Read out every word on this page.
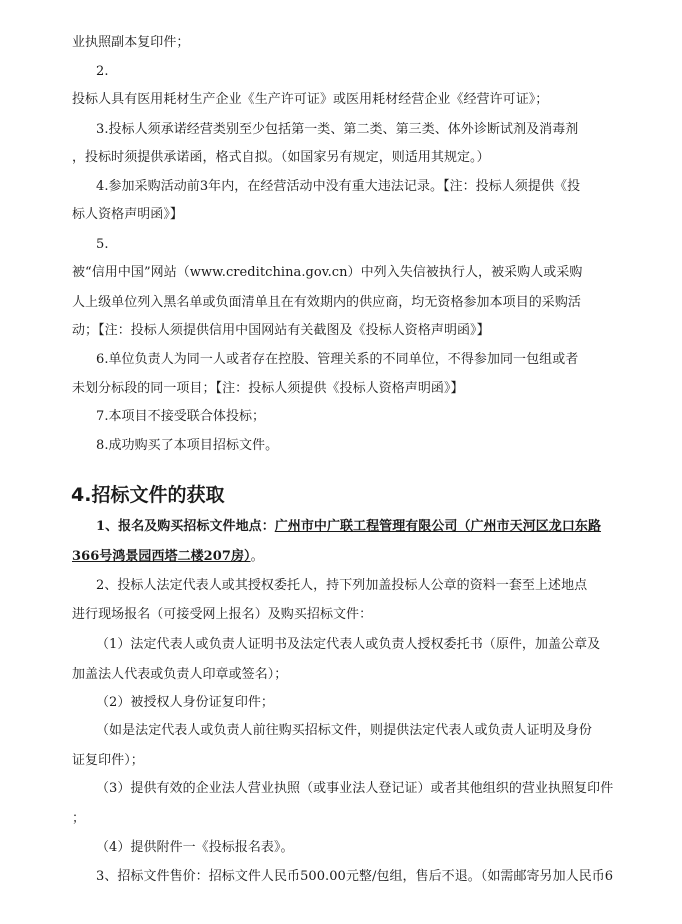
业执照副本复印件；
2.
投标人具有医用耗材生产企业《生产许可证》或医用耗材经营企业《经营许可证》；
3.投标人须承诺经营类别至少包括第一类、第二类、第三类、体外诊断试剂及消毒剂
，投标时须提供承诺函，格式自拟。（如国家另有规定，则适用其规定。）
4.参加采购活动前3年内，在经营活动中没有重大违法记录。【注：投标人须提供《投
标人资格声明函》】
5.
被“信用中国”网站（www.creditchina.gov.cn）中列入失信被执行人，被采购人或采购
人上级单位列入黑名单或负面清单且在有效期内的供应商，均无资格参加本项目的采购活
动；【注：投标人须提供信用中国网站有关截图及《投标人资格声明函》】
6.单位负责人为同一人或者存在控股、管理关系的不同单位，不得参加同一包组或者
未划分标段的同一项目；【注：投标人须提供《投标人资格声明函》】
7.本项目不接受联合体投标；
8.成功购买了本项目招标文件。
4.招标文件的获取
1、报名及购买招标文件地点：广州市中广联工程管理有限公司（广州市天河区龙口东路
366号鸿景园西塔二楼207房）。
2、投标人法定代表人或其授权委托人，持下列加盖投标人公章的资料一套至上述地点
进行现场报名（可接受网上报名）及购买招标文件：
（1）法定代表人或负责人证明书及法定代表人或负责人授权委托书（原件，加盖公章及
加盖法人代表或负责人印章或签名）；
（2）被授权人身份证复印件；
（如是法定代表人或负责人前往购买招标文件，则提供法定代表人或负责人证明及身份
证复印件）；
（3）提供有效的企业法人营业执照（或事业法人登记证）或者其他组织的营业执照复印件
；
（4）提供附件一《投标报名表》。
3、招标文件售价：招标文件人民币500.00元整/包组，售后不退。（如需邮寄另加人民币6
